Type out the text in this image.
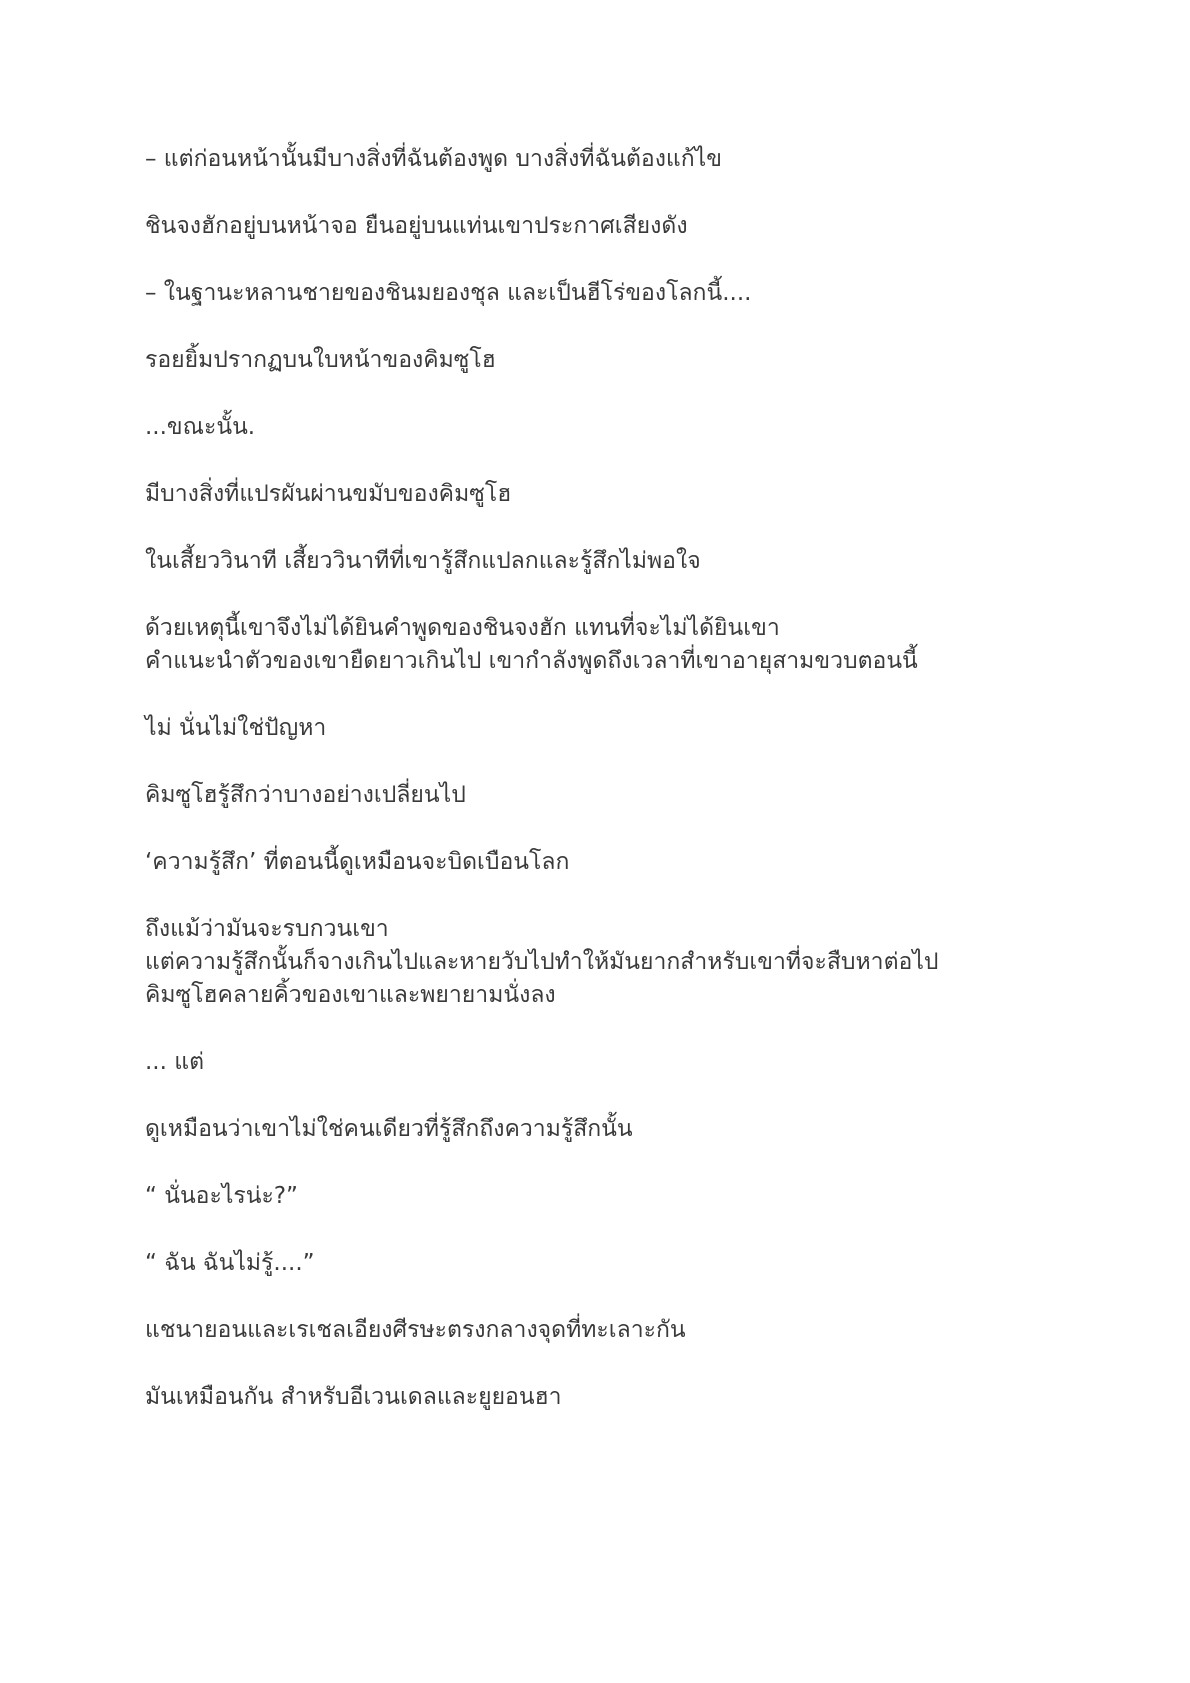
– แต่ก่อนหน้านั้นมีบางสิ่งที่ฉันต้องพูด บางสิ่งที่ฉันต้องแก้ไข

ชินจงฮักอยู่บนหน้าจอ ยืนอยู่บนแท่นเขาประกาศเสียงดัง

– ในฐานะหลานชายของชินมยองชุล และเป็นฮีโร่ของโลกนี้....

รอยยิ้มปรากฏบนใบหน้าของคิมซูโฮ

...ขณะนั้น.

มีบางสิ่งที่แปรผันผ่านขมับของคิมซูโฮ

ในเสี้ยววินาที เสี้ยววินาทีที่เขารู้สึกแปลกและรู้สึกไม่พอใจ

ด้วยเหตุนี้เขาจึงไม่ได้ยินคำพูดของชินจงฮัก แทนที่จะไม่ได้ยินเขา
คำแนะนำตัวของเขายืดยาวเกินไป เขากำลังพูดถึงเวลาที่เขาอายุสามขวบตอนนี้

ไม่ นั่นไม่ใช่ปัญหา

คิมซูโฮรู้สึกว่าบางอย่างเปลี่ยนไป

‘ความรู้สึก’ ที่ตอนนี้ดูเหมือนจะบิดเบือนโลก

ถึงแม้ว่ามันจะรบกวนเขา
แต่ความรู้สึกนั้นก็จางเกินไปและหายวับไปทำให้มันยากสำหรับเขาที่จะสืบหาต่อไป
คิมซูโฮคลายคิ้วของเขาและพยายามนั่งลง

... แต่

ดูเหมือนว่าเขาไม่ใช่คนเดียวที่รู้สึกถึงความรู้สึกนั้น

“ นั่นอะไรน่ะ?”

“ ฉัน ฉันไม่รู้....”

แชนายอนและเรเชลเอียงศีรษะตรงกลางจุดที่ทะเลาะกัน

มันเหมือนกัน สำหรับอีเวนเดลและยูยอนฮา
